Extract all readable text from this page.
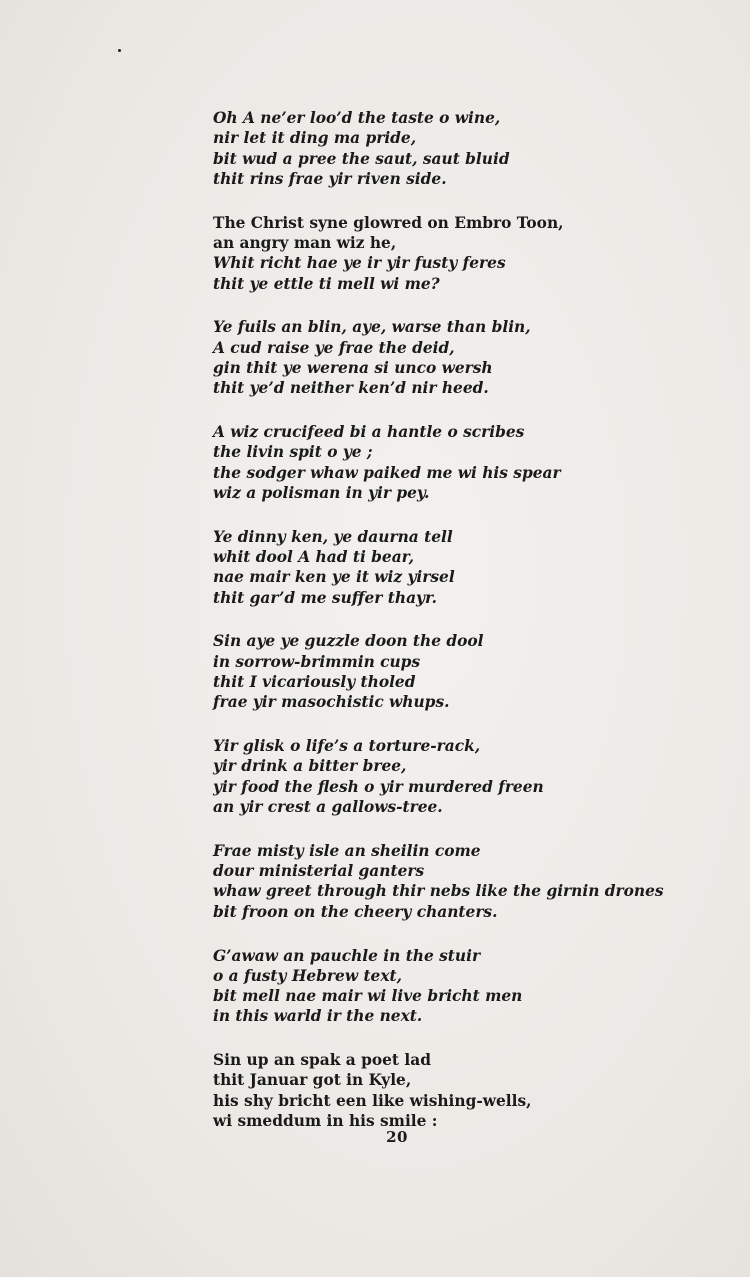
Oh A ne’er loo’d the taste o wine,
nir let it ding ma pride,
bit wud a pree the saut, saut bluid
thit rins frae yir riven side.
The Christ syne glowred on Embro Toon,
an angry man wiz he,
Whit richt hae ye ir yir fusty feres
thit ye ettle ti mell wi me?
Ye fuils an blin, aye, warse than blin,
A cud raise ye frae the deid,
gin thit ye werena si unco wersh
thit ye’d neither ken’d nir heed.
A wiz crucifeed bi a hantle o scribes
the livin spit o ye ;
the sodger whaw paiked me wi his spear
wiz a polisman in yir pey.
Ye dinny ken, ye daurna tell
whit dool A had ti bear,
nae mair ken ye it wiz yirsel
thit gar’d me suffer thayr.
Sin aye ye guzzle doon the dool
in sorrow-brimmin cups
thit I vicariously tholed
frae yir masochistic whups.
Yir glisk o life’s a torture-rack,
yir drink a bitter bree,
yir food the flesh o yir murdered freen
an yir crest a gallows-tree.
Frae misty isle an sheilin come
dour ministerial ganters
whaw greet through thir nebs like the girnin drones
bit froon on the cheery chanters.
G’awaw an pauchle in the stuir
o a fusty Hebrew text,
bit mell nae mair wi live bricht men
in this warld ir the next.
Sin up an spak a poet lad
thit Januar got in Kyle,
his shy bricht een like wishing-wells,
wi smeddum in his smile :
20
